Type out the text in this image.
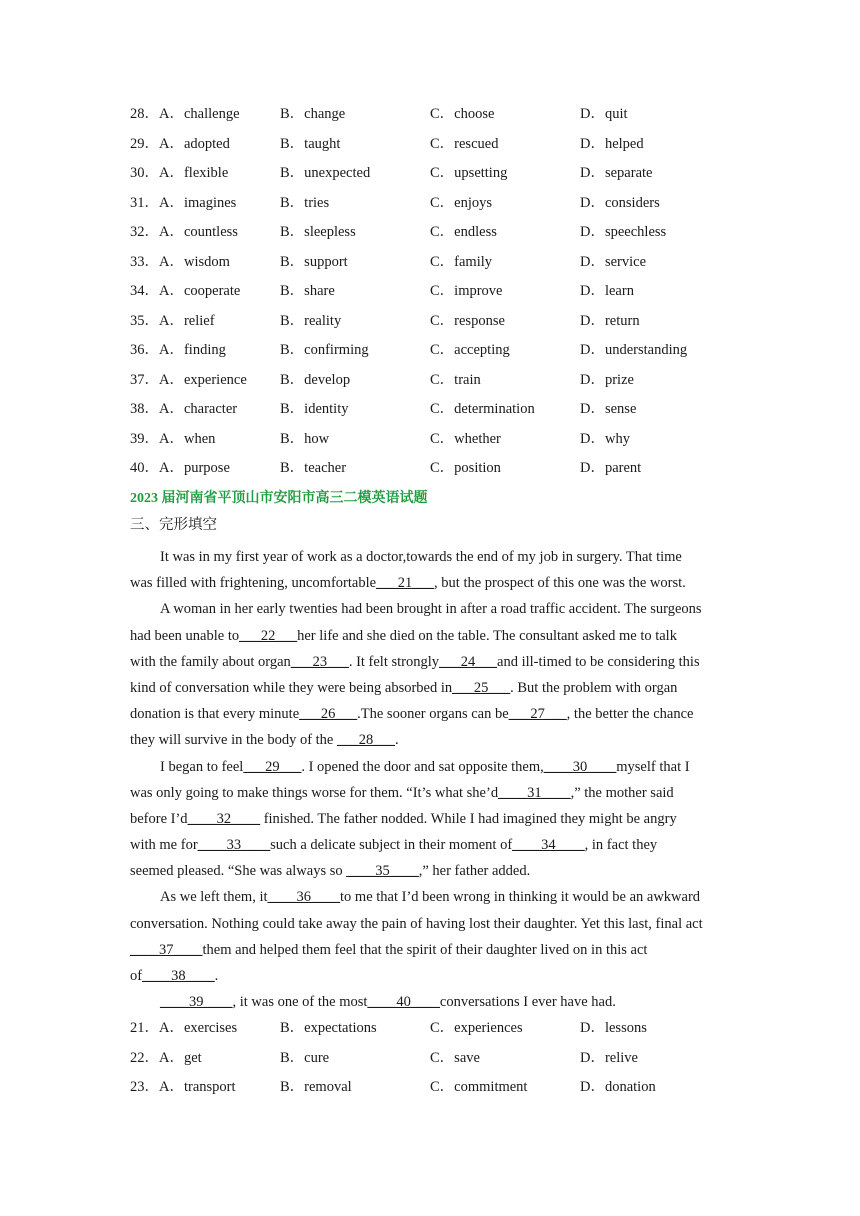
28．A．challenge	B．change	C．choose	D．quit
29．A．adopted	B．taught	C．rescued	D．helped
30．A．flexible	B．unexpected	C．upsetting	D．separate
31．A．imagines	B．tries	C．enjoys	D．considers
32．A．countless	B．sleepless	C．endless	D．speechless
33．A．wisdom	B．support	C．family	D．service
34．A．cooperate	B．share	C．improve	D．learn
35．A．relief	B．reality	C．response	D．return
36．A．finding	B．confirming	C．accepting	D．understanding
37．A．experience B．develop	C．train	D．prize
38．A．character	B．identity	C．determination	D．sense
39．A．when	B．how	C．whether	D．why
40．A．purpose	B．teacher	C．position	D．parent
2023 届河南省平顶山市安阳市高三二模英语试题
三、完形填空
It was in my first year of work as a doctor,towards the end of my job in surgery. That time
was filled with frightening, uncomfortable___21___, but the prospect of this one was the worst.
A woman in her early twenties had been brought in after a road traffic accident. The surgeons
had been unable to___22___her life and she died on the table. The consultant asked me to talk
with the family about organ___23___. It felt strongly___24___and ill-timed to be considering this
kind of conversation while they were being absorbed in___25___. But the problem with organ
donation is that every minute___26___.The sooner organs can be___27___, the better the chance
they will survive in the body of the ___28___.
I began to feel___29___. I opened the door and sat opposite them,____30____myself that I
was only going to make things worse for them. “It’s what she’d____31____,” the mother said
before I’d____32____ finished. The father nodded. While I had imagined they might be angry
with me for____33____such a delicate subject in their moment of____34____, in fact they
seemed pleased. “She was always so ____35____,” her father added.
As we left them, it____36____to me that I’d been wrong in thinking it would be an awkward
conversation. Nothing could take away the pain of having lost their daughter. Yet this last, final act
____37____them and helped them feel that the spirit of their daughter lived on in this act
of____38____.
____39____, it was one of the most____40____conversations I ever have had.
21．A．exercises	B．expectations	C．experiences	D．lessons
22．A．get	B．cure	C．save	D．relive
23．A．transport	B．removal	C．commitment	D．donation
